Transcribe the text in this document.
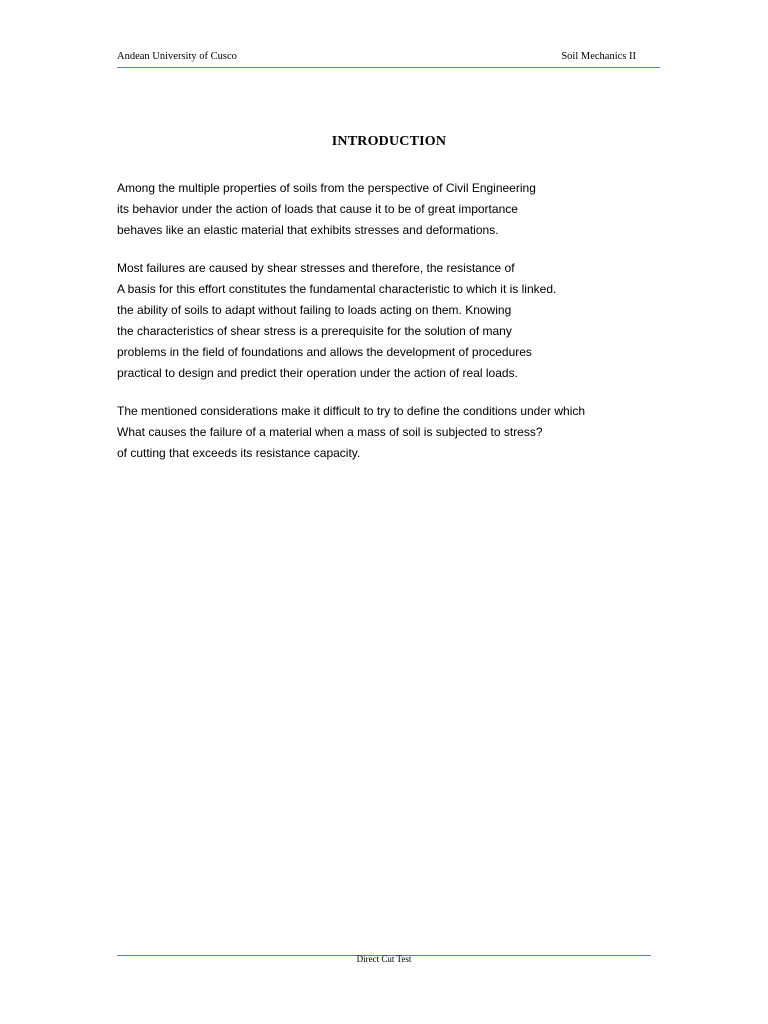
Andean University of Cusco	Soil Mechanics II
INTRODUCTION
Among the multiple properties of soils from the perspective of Civil Engineering
its behavior under the action of loads that cause it to be of great importance
behaves like an elastic material that exhibits stresses and deformations.
Most failures are caused by shear stresses and therefore, the resistance of
A basis for this effort constitutes the fundamental characteristic to which it is linked.
the ability of soils to adapt without failing to loads acting on them. Knowing
the characteristics of shear stress is a prerequisite for the solution of many
problems in the field of foundations and allows the development of procedures
practical to design and predict their operation under the action of real loads.
The mentioned considerations make it difficult to try to define the conditions under which
What causes the failure of a material when a mass of soil is subjected to stress?
of cutting that exceeds its resistance capacity.
Direct Cut Test
